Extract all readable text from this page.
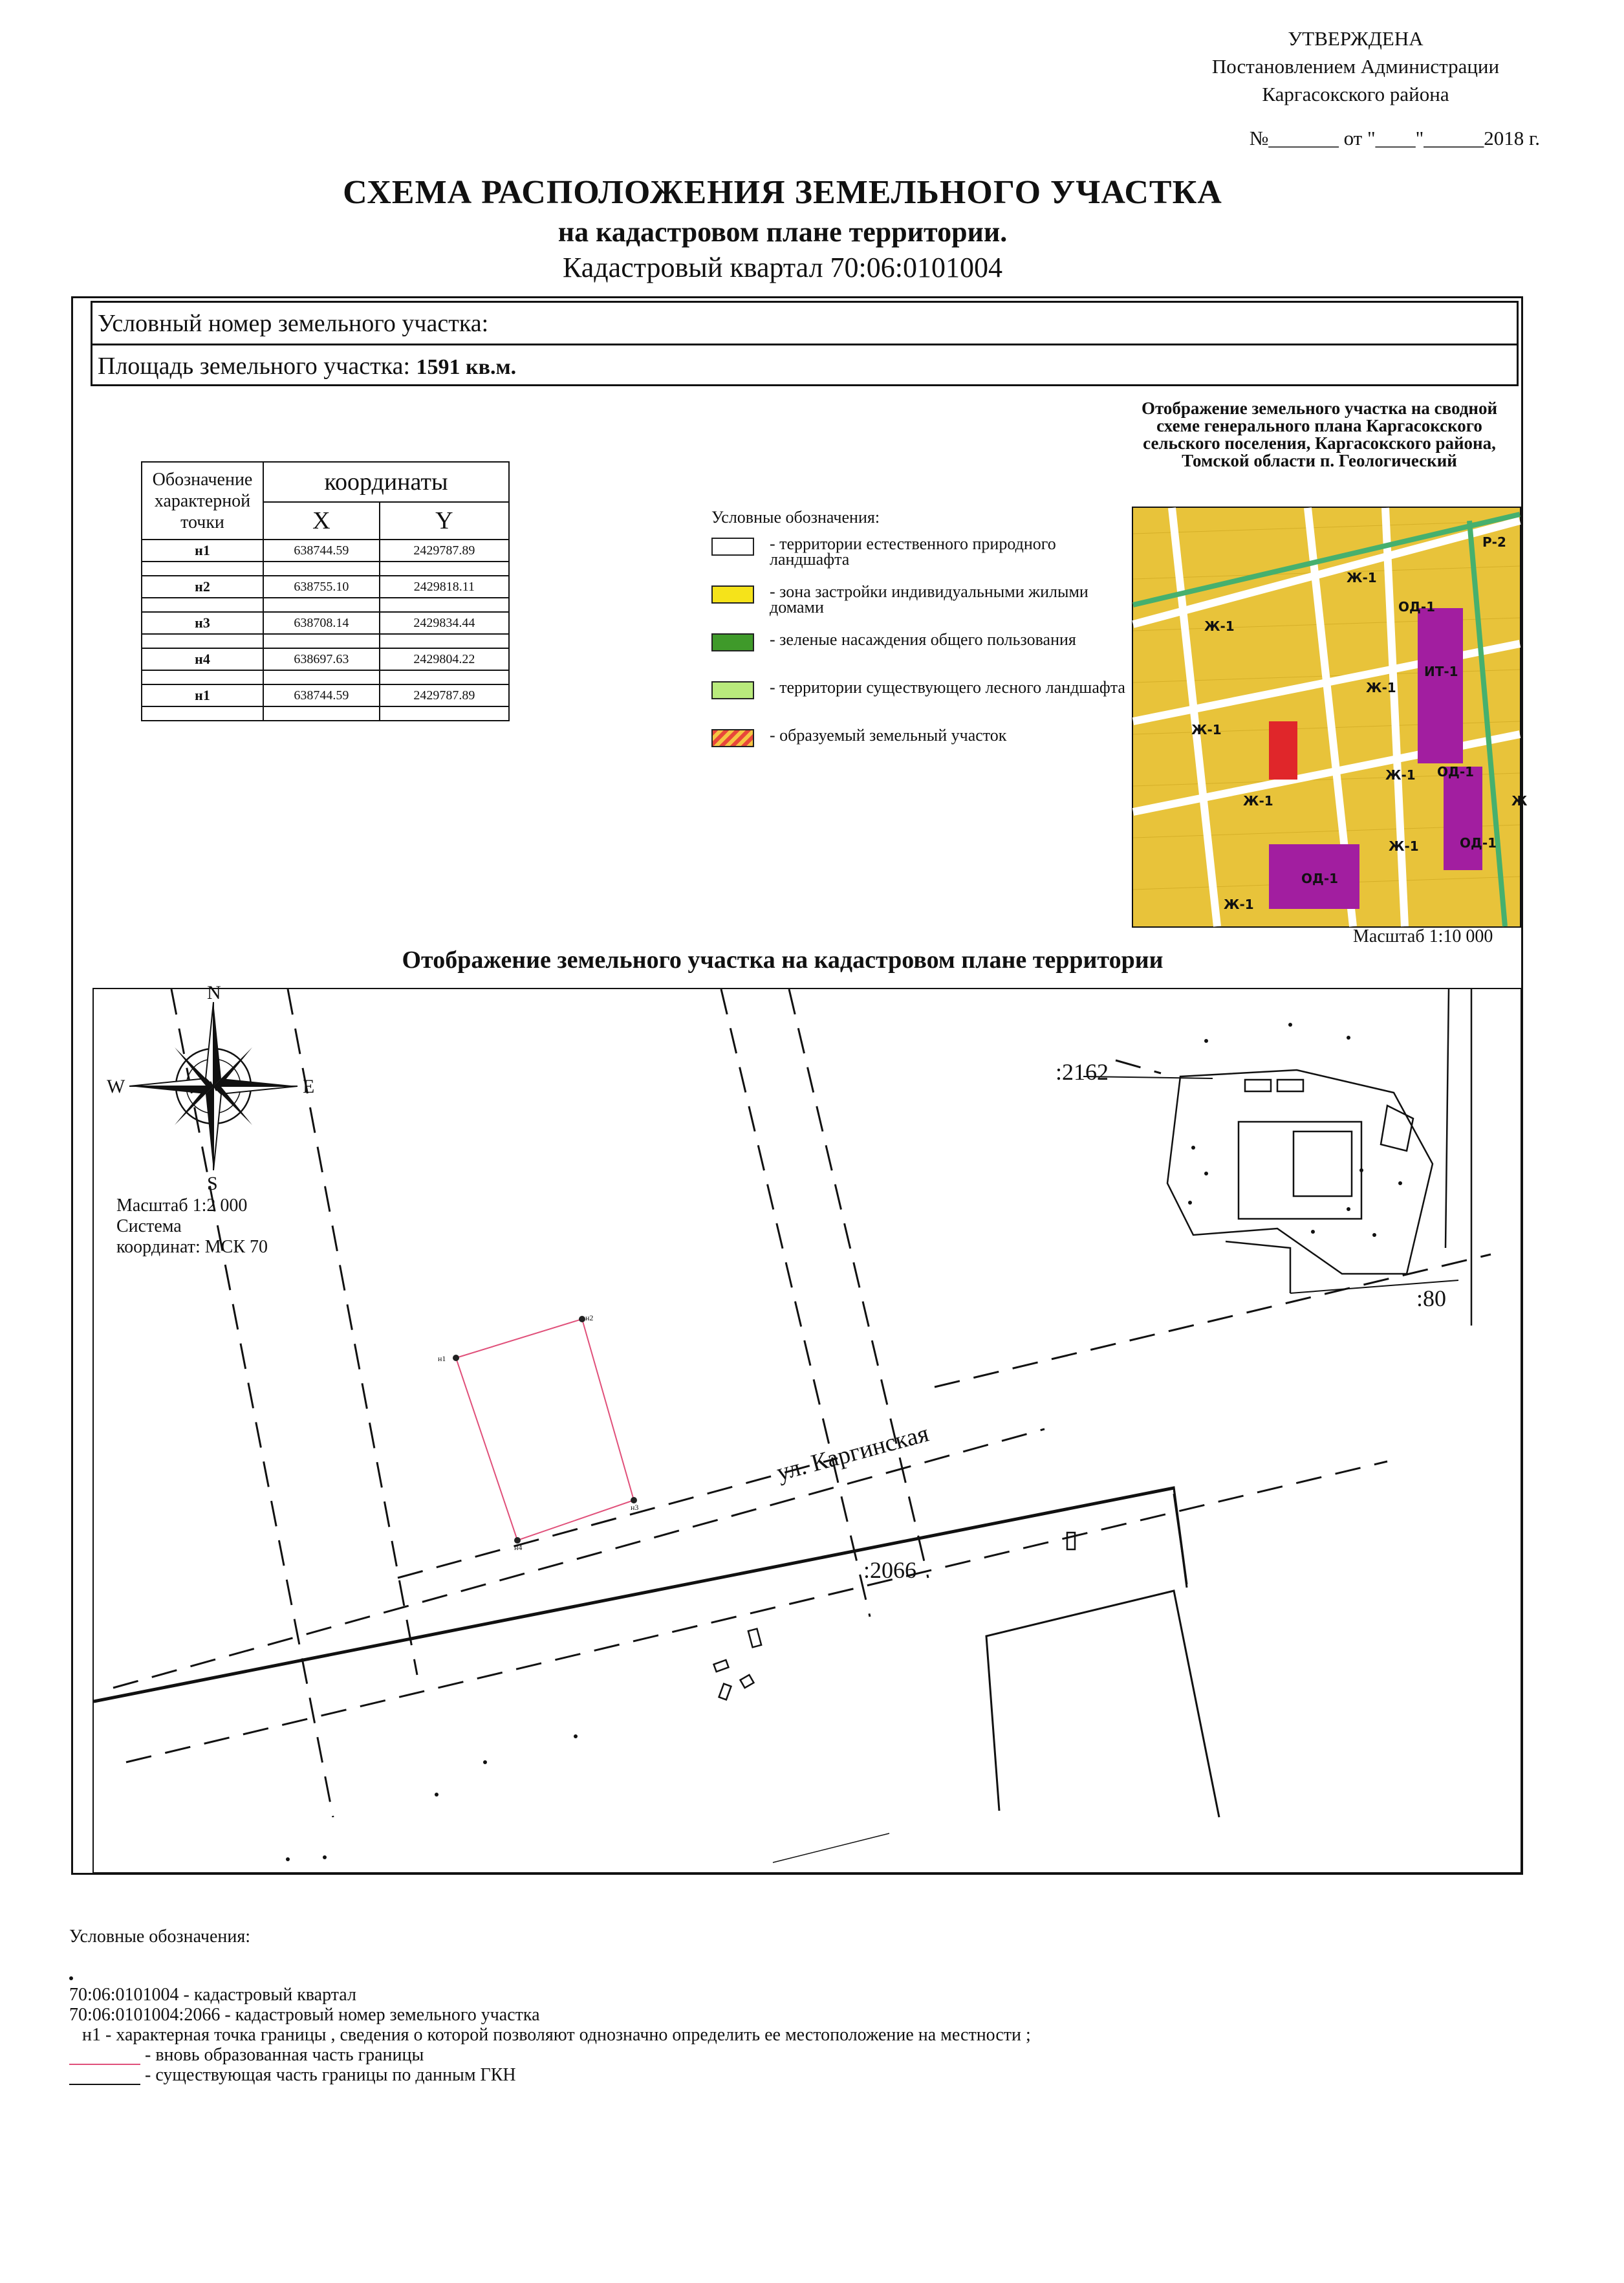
УТВЕРЖДЕНА
Постановлением Администрации
Каргасокского района
№_______ от "____"______2018 г.
СХЕМА РАСПОЛОЖЕНИЯ ЗЕМЕЛЬНОГО УЧАСТКА
на кадастровом плане территории.
Кадастровый квартал 70:06:0101004
Условный номер земельного участка:
Площадь земельного участка: 1591 кв.м.
Обозначение характерной точки	координаты	
	X	Y
н1	638744.59	2429787.89

н2	638755.10	2429818.11

н3	638708.14	2429834.44

н4	638697.63	2429804.22

н1	638744.59	2429787.89

Условные обозначения:
- территории естественного природного ландшафта
- зона застройки индивидуальными жилыми домами
- зеленые насаждения общего пользования
- территории существующего лесного ландшафта
- образуемый земельный участок
Отображение земельного участка на сводной схеме генерального плана Каргасокского сельского поселения, Каргасокского района, Томской области п. Геологический
Ж-1
Ж-1
Ж-1
Ж-1
Ж-1
Ж-1
Ж-1
Ж-1
ОД-1
ОД-1
ОД-1
ОД-1
ИТ-1
Р-2
Ж
Масштаб 1:10 000
Отображение земельного участка на кадастровом плане территории
н1
н2
н3
н4
ул. Каргинская
:2162
:80
:2066
N
S
W	E
Масштаб 1:2 000
Система
координат: МСК 70
Условные обозначения:
70:06:0101004 - кадастровый квартал
70:06:0101004:2066 - кадастровый номер земельного участка
н1 - характерная точка границы , сведения о которой позволяют однозначно определить ее местоположение на местности ;
- вновь образованная часть границы
- существующая часть границы по данным ГКН
